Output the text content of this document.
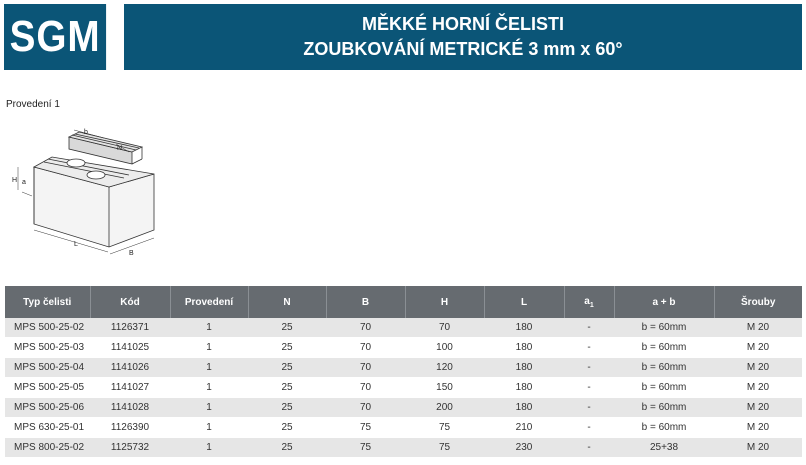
SGM	MĚKKÉ HORNÍ ČELISTI
ZOUBKOVÁNÍ METRICKÉ 3 mm x 60°
Provedení 1
H a
b
N
L
B
Typ čelisti	Kód	Provedení	N	B	H	L	$a_1$	a + b	Šrouby
MPS 500-25-02	1126371	1	25	70	70	180	-	b = 60mm	M 20
MPS 500-25-03	1141025	1	25	70	100	180	-	b = 60mm	M 20
MPS 500-25-04	1141026	1	25	70	120	180	-	b = 60mm	M 20
MPS 500-25-05	1141027	1	25	70	150	180	-	b = 60mm	M 20
MPS 500-25-06	1141028	1	25	70	200	180	-	b = 60mm	M 20
MPS 630-25-01	1126390	1	25	75	75	210	-	b = 60mm	M 20
MPS 800-25-02	1125732	1	25	75	75	230	-	25+38	M 20
